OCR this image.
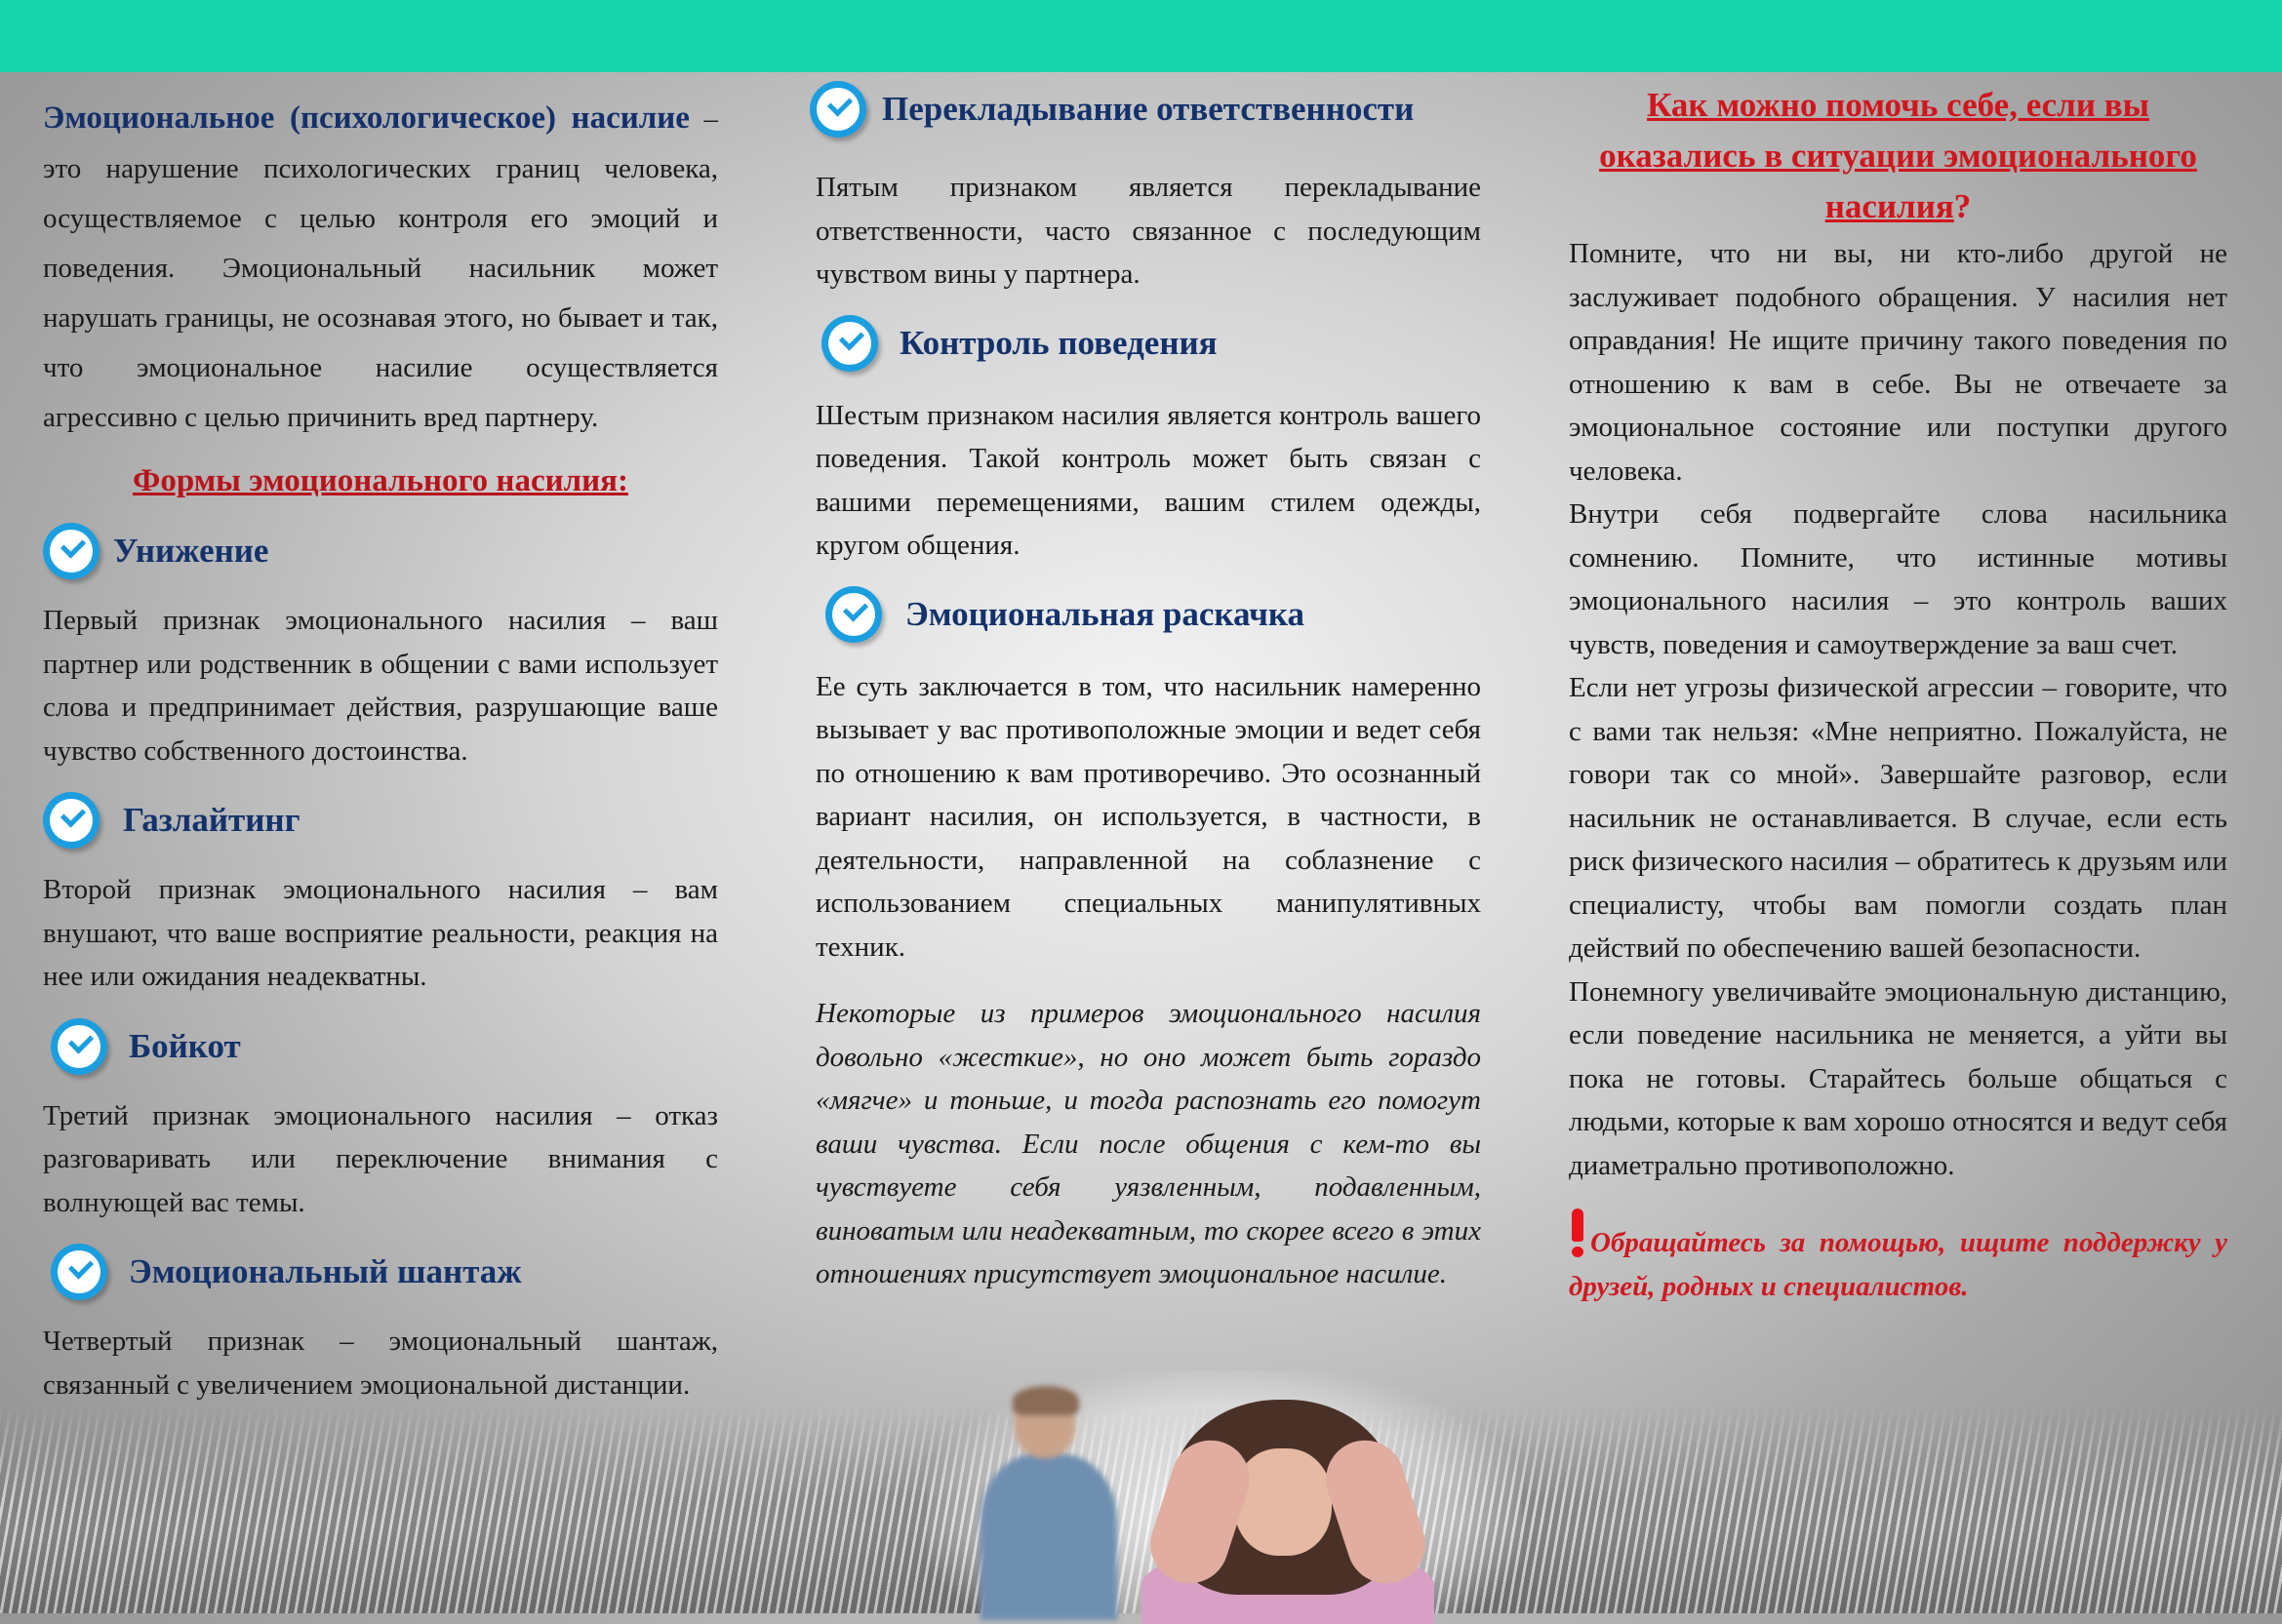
Эмоциональное (психологическое) насилие – это нарушение психологических границ человека, осуществляемое с целью контроля его эмоций и поведения. Эмоциональный насильник может нарушать границы, не осознавая этого, но бывает и так, что эмоциональное насилие осуществляется агрессивно с целью причинить вред партнеру.

Формы эмоционального насилия:

Унижение

Первый признак эмоционального насилия – ваш партнер или родственник в общении с вами использует слова и предпринимает действия, разрушающие ваше чувство собственного достоинства.

Газлайтинг

Второй признак эмоционального насилия – вам внушают, что ваше восприятие реальности, реакция на нее или ожидания неадекватны.

Бойкот

Третий признак эмоционального насилия – отказ разговаривать или переключение внимания с волнующей вас темы.

Эмоциональный шантаж

Четвертый признак – эмоциональный шантаж, связанный с увеличением эмоциональной дистанции.

Перекладывание ответственности

Пятым признаком является перекладывание ответственности, часто связанное с последующим чувством вины у партнера.

Контроль поведения

Шестым признаком насилия является контроль вашего поведения. Такой контроль может быть связан с вашими перемещениями, вашим стилем одежды, кругом общения.

Эмоциональная раскачка

Ее суть заключается в том, что насильник намеренно вызывает у вас противоположные эмоции и ведет себя по отношению к вам противоречиво. Это осознанный вариант насилия, он используется, в частности, в деятельности, направленной на соблазнение с использованием специальных манипулятивных техник.

Некоторые из примеров эмоционального насилия довольно «жесткие», но оно может быть гораздо «мягче» и тоньше, и тогда распознать его помогут ваши чувства. Если после общения с кем-то вы чувствуете себя уязвленным, подавленным, виноватым или неадекватным, то скорее всего в этих отношениях присутствует эмоциональное насилие.

Как можно помочь себе, если вы оказались в ситуации эмоционального насилия?

Помните, что ни вы, ни кто-либо другой не заслуживает подобного обращения. У насилия нет оправдания! Не ищите причину такого поведения по отношению к вам в себе. Вы не отвечаете за эмоциональное состояние или поступки другого человека.

Внутри себя подвергайте слова насильника сомнению. Помните, что истинные мотивы эмоционального насилия – это контроль ваших чувств, поведения и самоутверждение за ваш счет.

Если нет угрозы физической агрессии – говорите, что с вами так нельзя: «Мне неприятно. Пожалуйста, не говори так со мной». Завершайте разговор, если насильник не останавливается. В случае, если есть риск физического насилия – обратитесь к друзьям или специалисту, чтобы вам помогли создать план действий по обеспечению вашей безопасности.

Понемногу увеличивайте эмоциональную дистанцию, если поведение насильника не меняется, а уйти вы пока не готовы. Старайтесь больше общаться с людьми, которые к вам хорошо относятся и ведут себя диаметрально противоположно.

Обращайтесь за помощью, ищите поддержку у друзей, родных и специалистов.
